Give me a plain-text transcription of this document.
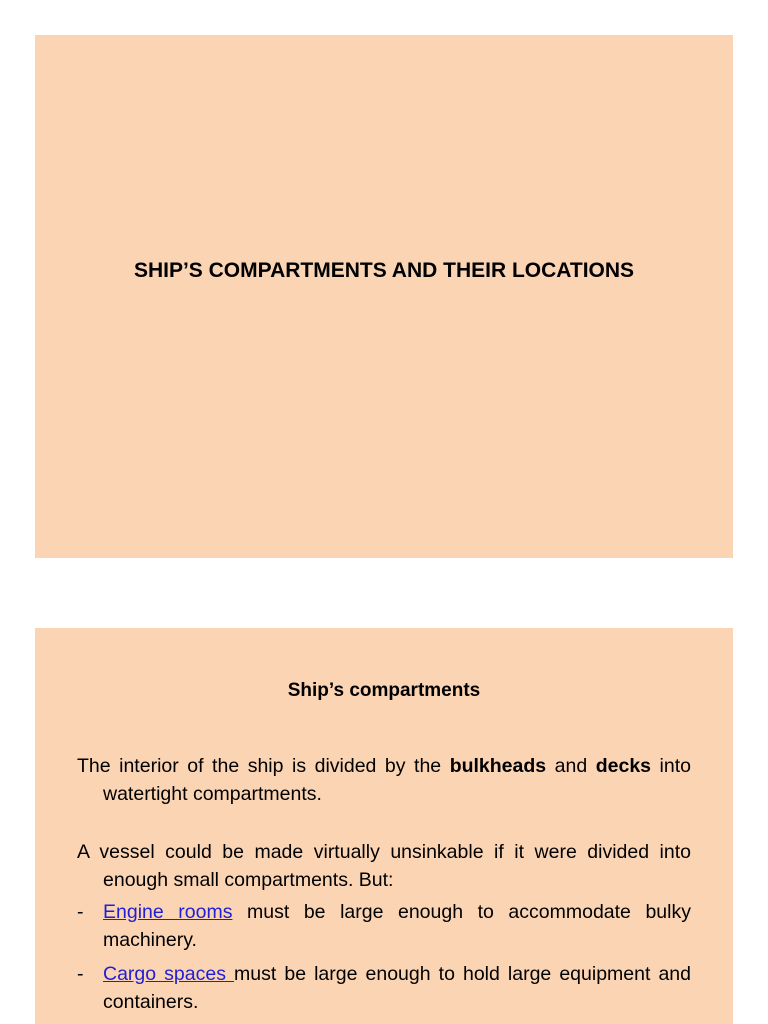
SHIP’S COMPARTMENTS AND THEIR LOCATIONS
Ship’s compartments

The interior of the ship is divided by the bulkheads and decks into watertight compartments.

A vessel could be made virtually unsinkable if it were divided into enough small compartments. But:

-	Engine rooms must be large enough to accommodate bulky machinery.
-	Cargo spaces must be large enough to hold large equipment and containers.
